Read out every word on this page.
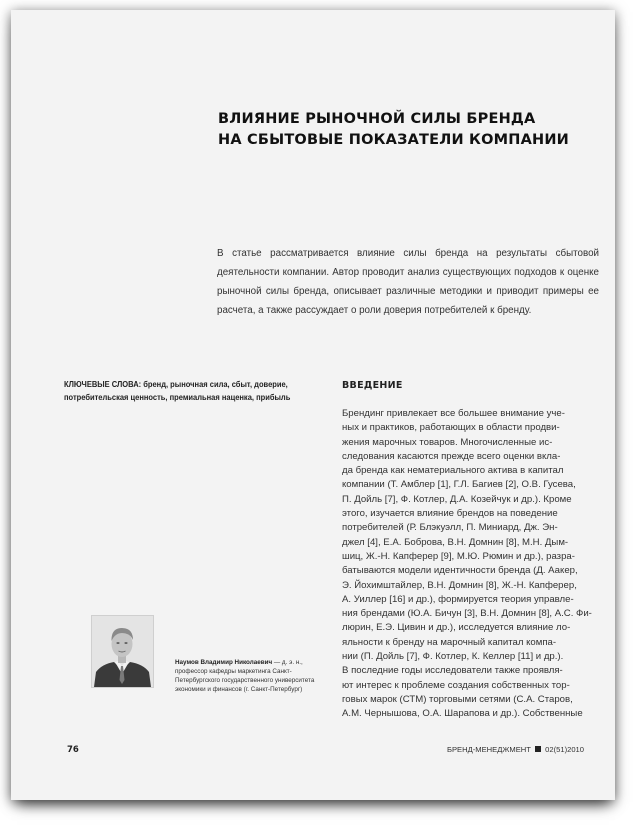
ВЛИЯНИЕ РЫНОЧНОЙ СИЛЫ БРЕНДА
НА СБЫТОВЫЕ ПОКАЗАТЕЛИ КОМПАНИИ

В статье рассматривается влияние силы бренда на результаты сбытовой деятельности компании. Автор проводит анализ существующих подходов к оценке рыночной силы бренда, описывает различные методики и приводит примеры ее расчета, а также рассуждает о роли доверия потребителей к бренду.

КЛЮЧЕВЫЕ СЛОВА: бренд, рыночная сила, сбыт, доверие, потребительская ценность, премиальная наценка, прибыль

ВВЕДЕНИЕ
Брендинг привлекает все большее внимание уче-
ных и практиков, работающих в области продви-
жения марочных товаров. Многочисленные ис-
следования касаются прежде всего оценки вкла-
да бренда как нематериального актива в капитал
компании (Т. Амблер [1], Г.Л. Багиев [2], О.В. Гусева,
П. Дойль [7], Ф. Котлер, Д.А. Козейчук и др.). Кроме
этого, изучается влияние брендов на поведение
потребителей (Р. Блэкуэлл, П. Миниард, Дж. Эн-
джел [4], Е.А. Боброва, В.Н. Домнин [8], М.Н. Дым-
шиц, Ж.-Н. Капферер [9], М.Ю. Рюмин и др.), разра-
батываются модели идентичности бренда (Д. Аакер,
Э. Йохимштайлер, В.Н. Домнин [8], Ж.-Н. Капферер,
А. Уиллер [16] и др.), формируется теория управле-
ния брендами (Ю.А. Бичун [3], В.Н. Домнин [8], А.С. Фи-
люрин, Е.Э. Цивин и др.), исследуется влияние ло-
яльности к бренду на марочный капитал компа-
нии (П. Дойль [7], Ф. Котлер, К. Келлер [11] и др.).
В последние годы исследователи также проявля-
ют интерес к проблеме создания собственных тор-
говых марок (СТМ) торговыми сетями (С.А. Старов,
А.М. Чернышова, О.А. Шарапова и др.). Собственные

Наумов Владимир Николаевич — д. э. н., профессор кафедры маркетинга Санкт-Петербургского государственного университета экономики и финансов (г. Санкт-Петербург)

76	БРЕНД-МЕНЕДЖМЕНТ 02(51)2010
